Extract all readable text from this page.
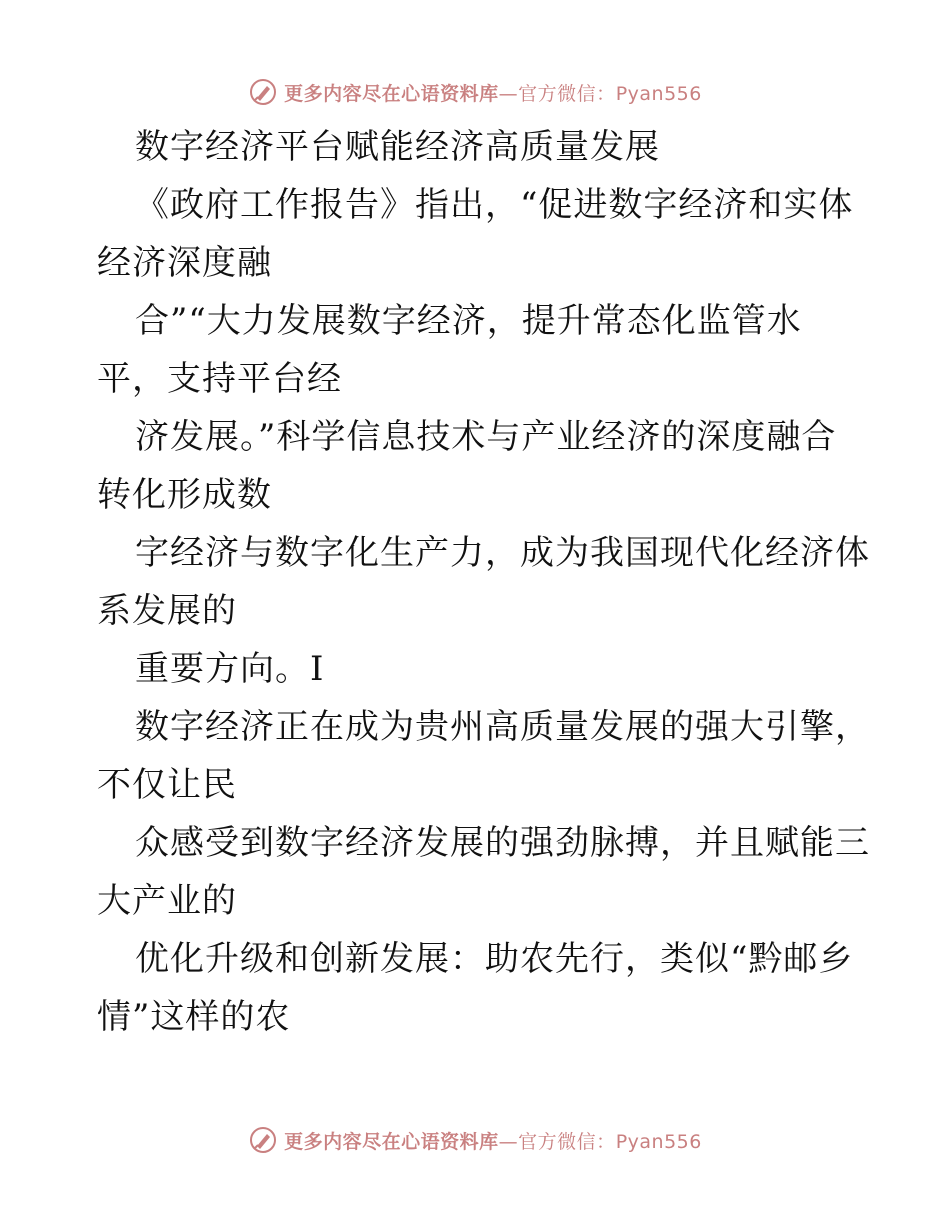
更多内容尽在心语资料库—官方微信：Pyan556
数字经济平台赋能经济高质量发展
《政府工作报告》指出，“促进数字经济和实体
经济深度融
合”“大力发展数字经济，提升常态化监管水
平，支持平台经
济发展。”科学信息技术与产业经济的深度融合
转化形成数
字经济与数字化生产力，成为我国现代化经济体
系发展的
重要方向。I
数字经济正在成为贵州高质量发展的强大引擎，
不仅让民
众感受到数字经济发展的强劲脉搏，并且赋能三
大产业的
优化升级和创新发展：助农先行，类似“黔邮乡
情”这样的农
更多内容尽在心语资料库—官方微信：Pyan556
